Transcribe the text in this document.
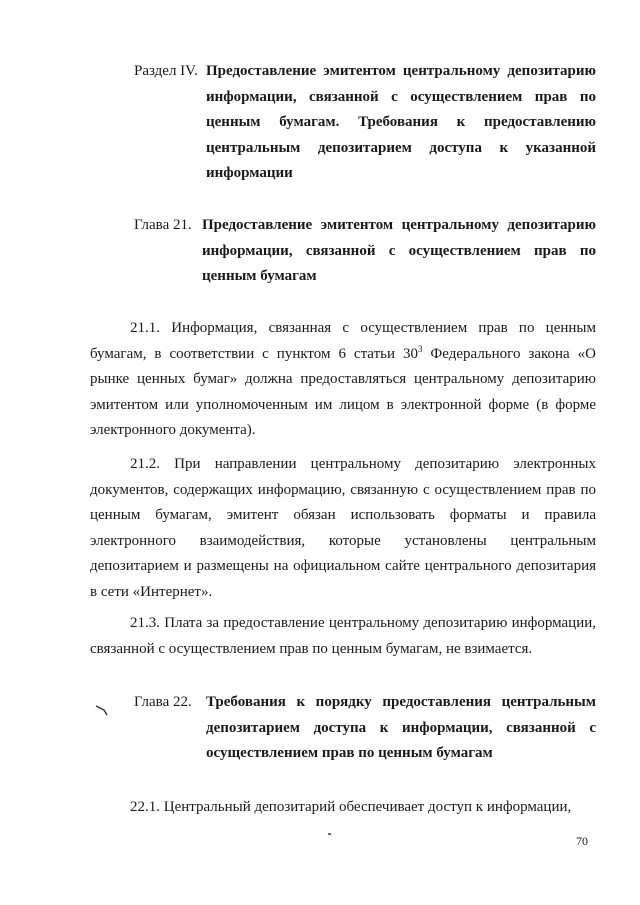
Раздел IV. Предоставление эмитентом центральному депозитарию информации, связанной с осуществлением прав по ценным бумагам. Требования к предоставлению центральным депозитарием доступа к указанной информации
Глава 21. Предоставление эмитентом центральному депозитарию информации, связанной с осуществлением прав по ценным бумагам

21.1. Информация, связанная с осуществлением прав по ценным бумагам, в соответствии с пунктом 6 статьи $30^3$ Федерального закона «О рынке ценных бумаг» должна предоставляться центральному депозитарию эмитентом или уполномоченным им лицом в электронной форме (в форме электронного документа).

21.2. При направлении центральному депозитарию электронных документов, содержащих информацию, связанную с осуществлением прав по ценным бумагам, эмитент обязан использовать форматы и правила электронного взаимодействия, которые установлены центральным депозитарием и размещены на официальном сайте центрального депозитария в сети «Интернет».

21.3. Плата за предоставление центральному депозитарию информации, связанной с осуществлением прав по ценным бумагам, не взимается.

Глава 22. Требования к порядку предоставления центральным депозитарием доступа к информации, связанной с осуществлением прав по ценным бумагам

22.1. Центральный депозитарий обеспечивает доступ к информации,

70
